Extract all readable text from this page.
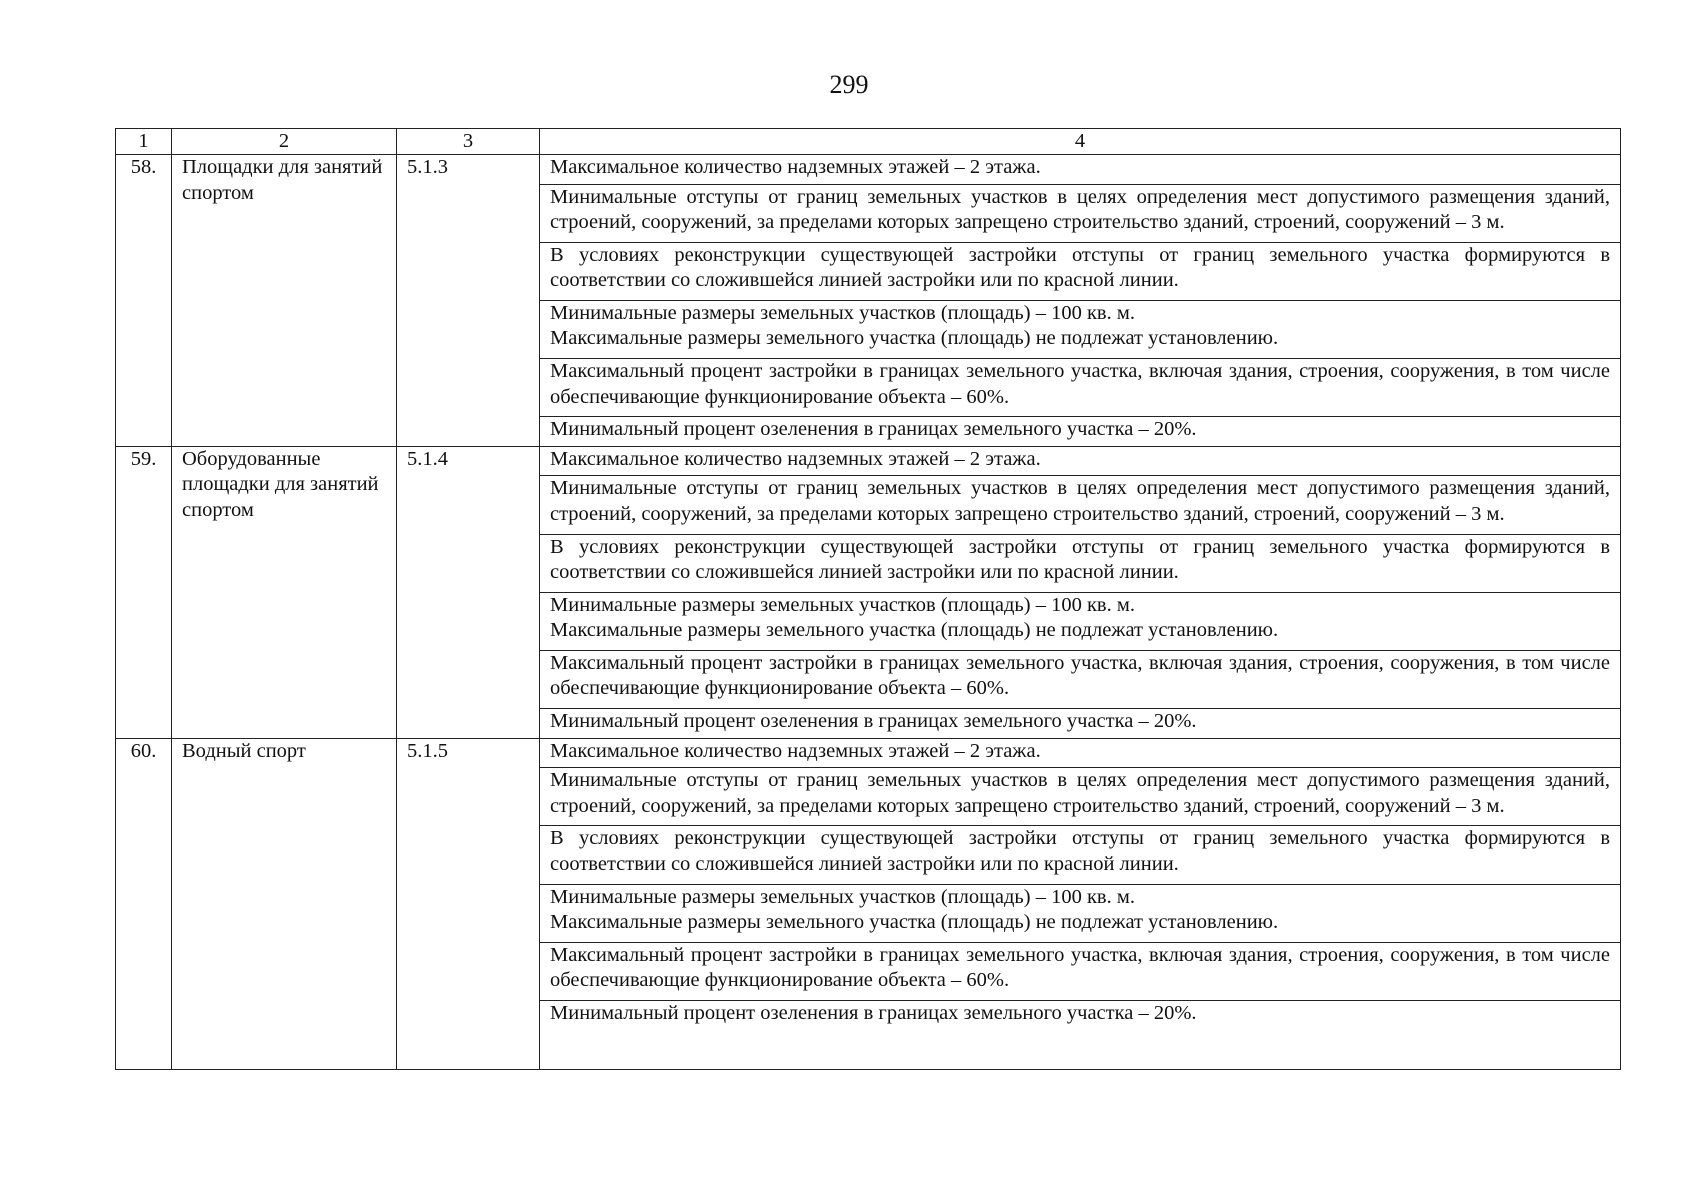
299
1	2	3	4
58.	Площадки для занятий спортом	5.1.3	Максимальное количество надземных этажей – 2 этажа.
			Минимальные отступы от границ земельных участков в целях определения мест допустимого размещения зданий, строений, сооружений, за пределами которых запрещено строительство зданий, строений, сооружений – 3 м.
			В условиях реконструкции существующей застройки отступы от границ земельного участка формируются в соответствии со сложившейся линией застройки или по красной линии.
			Минимальные размеры земельных участков (площадь) – 100 кв. м.
Максимальные размеры земельного участка (площадь) не подлежат установлению.
			Максимальный процент застройки в границах земельного участка, включая здания, строения, сооружения, в том числе обеспечивающие функционирование объекта – 60%.
			Минимальный процент озеленения в границах земельного участка – 20%.
59.	Оборудованные площадки для занятий спортом	5.1.4	Максимальное количество надземных этажей – 2 этажа.
			Минимальные отступы от границ земельных участков в целях определения мест допустимого размещения зданий, строений, сооружений, за пределами которых запрещено строительство зданий, строений, сооружений – 3 м.
			В условиях реконструкции существующей застройки отступы от границ земельного участка формируются в соответствии со сложившейся линией застройки или по красной линии.
			Минимальные размеры земельных участков (площадь) – 100 кв. м.
Максимальные размеры земельного участка (площадь) не подлежат установлению.
			Максимальный процент застройки в границах земельного участка, включая здания, строения, сооружения, в том числе обеспечивающие функционирование объекта – 60%.
			Минимальный процент озеленения в границах земельного участка – 20%.
60.	Водный спорт	5.1.5	Максимальное количество надземных этажей – 2 этажа.
			Минимальные отступы от границ земельных участков в целях определения мест допустимого размещения зданий, строений, сооружений, за пределами которых запрещено строительство зданий, строений, сооружений – 3 м.
			В условиях реконструкции существующей застройки отступы от границ земельного участка формируются в соответствии со сложившейся линией застройки или по красной линии.
			Минимальные размеры земельных участков (площадь) – 100 кв. м.
Максимальные размеры земельного участка (площадь) не подлежат установлению.
			Максимальный процент застройки в границах земельного участка, включая здания, строения, сооружения, в том числе обеспечивающие функционирование объекта – 60%.
			Минимальный процент озеленения в границах земельного участка – 20%.
